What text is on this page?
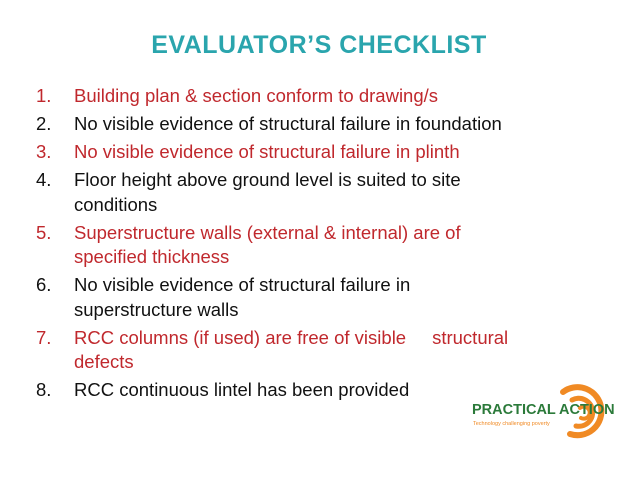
EVALUATOR’S CHECKLIST
1. Building plan & section conform to drawing/s
2. No visible evidence of structural failure in foundation
3. No visible evidence of structural failure in plinth
4. Floor height above ground level is suited to site
conditions
5. Superstructure walls (external & internal) are of
specified thickness
6. No visible evidence of structural failure in
superstructure walls
7. RCC columns (if used) are free of visible structural
defects
8. RCC continuous lintel has been provided
PRACTICAL ACTION
Technology challenging poverty
